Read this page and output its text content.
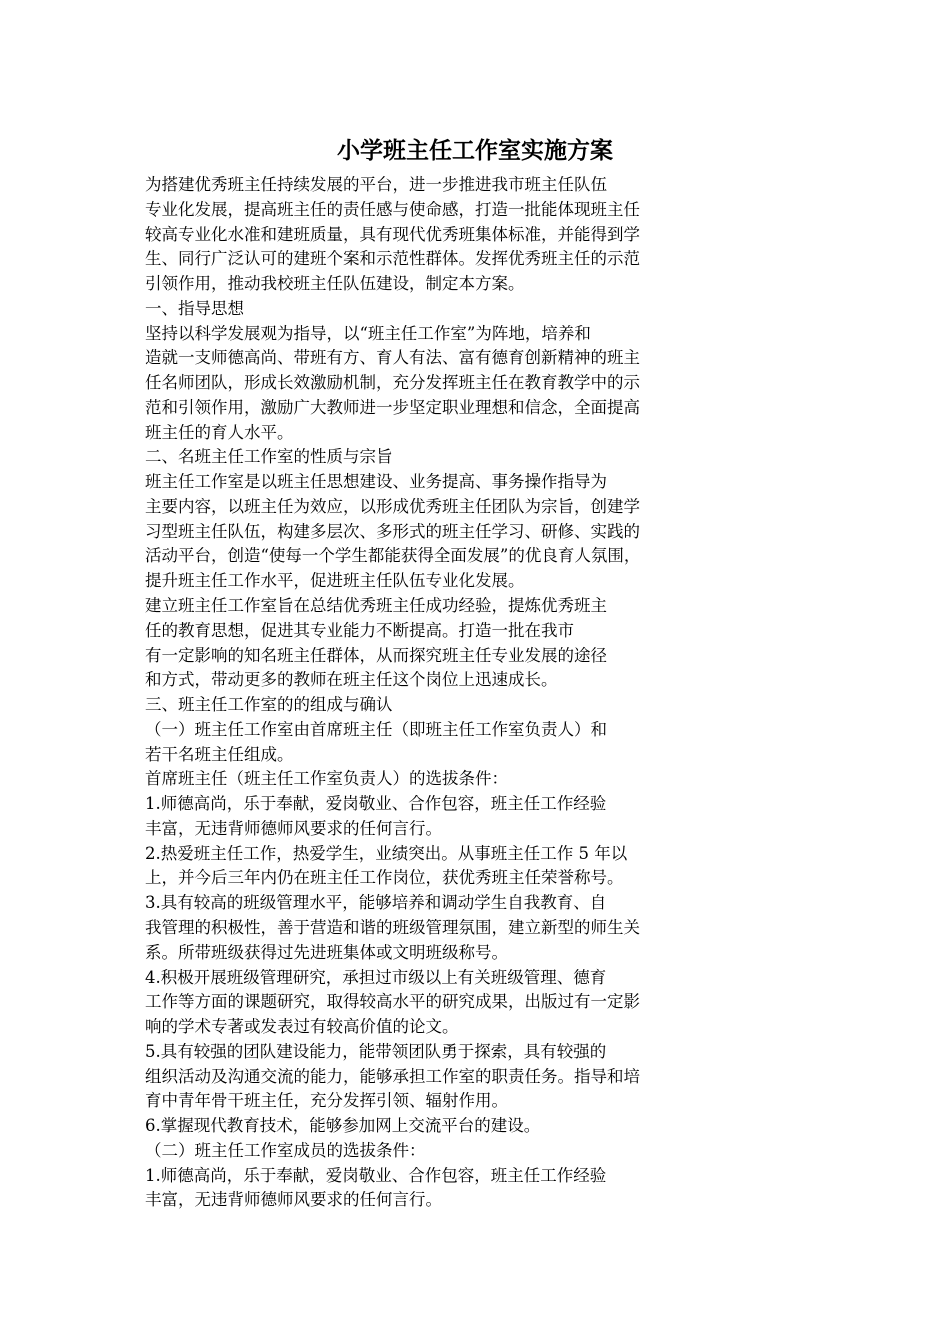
小学班主任工作室实施方案
为搭建优秀班主任持续发展的平台，进一步推进我市班主任队伍
专业化发展，提高班主任的责任感与使命感，打造一批能体现班主任
较高专业化水准和建班质量，具有现代优秀班集体标准，并能得到学
生、同行广泛认可的建班个案和示范性群体。发挥优秀班主任的示范
引领作用，推动我校班主任队伍建设，制定本方案。
一、指导思想
坚持以科学发展观为指导，以“班主任工作室”为阵地，培养和
造就一支师德高尚、带班有方、育人有法、富有德育创新精神的班主
任名师团队，形成长效激励机制，充分发挥班主任在教育教学中的示
范和引领作用，激励广大教师进一步坚定职业理想和信念，全面提高
班主任的育人水平。
二、名班主任工作室的性质与宗旨
班主任工作室是以班主任思想建设、业务提高、事务操作指导为
主要内容，以班主任为效应，以形成优秀班主任团队为宗旨，创建学
习型班主任队伍，构建多层次、多形式的班主任学习、研修、实践的
活动平台，创造“使每一个学生都能获得全面发展”的优良育人氛围，
提升班主任工作水平，促进班主任队伍专业化发展。
建立班主任工作室旨在总结优秀班主任成功经验，提炼优秀班主
任的教育思想，促进其专业能力不断提高。打造一批在我市
有一定影响的知名班主任群体，从而探究班主任专业发展的途径
和方式，带动更多的教师在班主任这个岗位上迅速成长。
三、班主任工作室的的组成与确认
（一）班主任工作室由首席班主任（即班主任工作室负责人）和
若干名班主任组成。
首席班主任（班主任工作室负责人）的选拔条件：
1.师德高尚，乐于奉献，爱岗敬业、合作包容，班主任工作经验
丰富，无违背师德师风要求的任何言行。
2.热爱班主任工作，热爱学生，业绩突出。从事班主任工作 5 年以
上，并今后三年内仍在班主任工作岗位，获优秀班主任荣誉称号。
3.具有较高的班级管理水平，能够培养和调动学生自我教育、自
我管理的积极性，善于营造和谐的班级管理氛围，建立新型的师生关
系。所带班级获得过先进班集体或文明班级称号。
4.积极开展班级管理研究，承担过市级以上有关班级管理、德育
工作等方面的课题研究，取得较高水平的研究成果，出版过有一定影
响的学术专著或发表过有较高价值的论文。
5.具有较强的团队建设能力，能带领团队勇于探索，具有较强的
组织活动及沟通交流的能力，能够承担工作室的职责任务。指导和培
育中青年骨干班主任，充分发挥引领、辐射作用。
6.掌握现代教育技术，能够参加网上交流平台的建设。
（二）班主任工作室成员的选拔条件：
1.师德高尚，乐于奉献，爱岗敬业、合作包容，班主任工作经验
丰富，无违背师德师风要求的任何言行。
